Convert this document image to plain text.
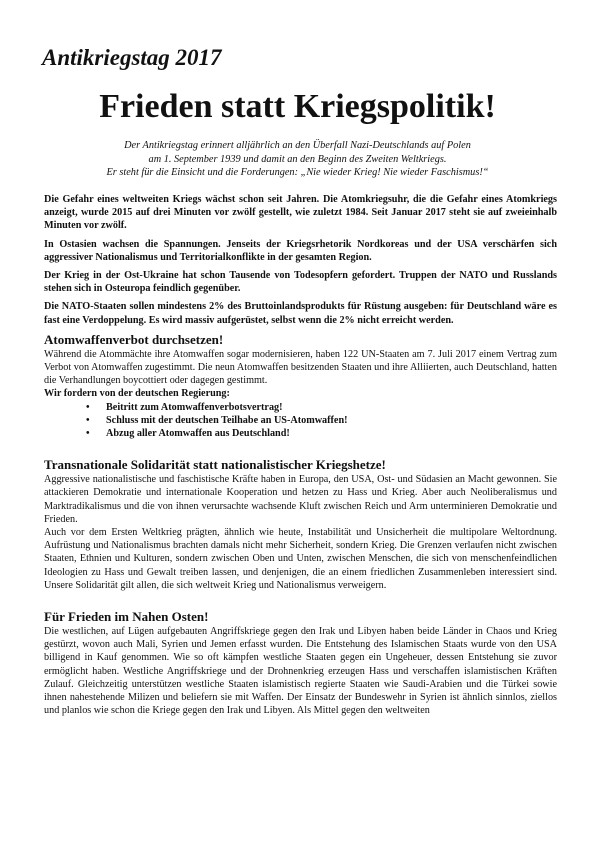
Antikriegstag 2017
Frieden statt Kriegspolitik!
Der Antikriegstag erinnert alljährlich an den Überfall Nazi-Deutschlands auf Polen
am 1. September 1939 und damit an den Beginn des Zweiten Weltkriegs.
Er steht für die Einsicht und die Forderungen: „Nie wieder Krieg! Nie wieder Faschismus!“

Die Gefahr eines weltweiten Kriegs wächst schon seit Jahren. Die Atomkriegsuhr, die die Gefahr eines Atomkriegs anzeigt, wurde 2015 auf drei Minuten vor zwölf gestellt, wie zuletzt 1984. Seit Januar 2017 steht sie auf zweieinhalb Minuten vor zwölf.

In Ostasien wachsen die Spannungen. Jenseits der Kriegsrhetorik Nordkoreas und der USA verschärfen sich aggressiver Nationalismus und Territorialkonflikte in der gesamten Region.

Der Krieg in der Ost-Ukraine hat schon Tausende von Todesopfern gefordert. Truppen der NATO und Russlands stehen sich in Osteuropa feindlich gegenüber.

Die NATO-Staaten sollen mindestens 2% des Bruttoinlandsprodukts für Rüstung ausgeben: für Deutschland wäre es fast eine Verdoppelung. Es wird massiv aufgerüstet, selbst wenn die 2% nicht erreicht werden.

Atomwaffenverbot durchsetzen!

Während die Atommächte ihre Atomwaffen sogar modernisieren, haben 122 UN-Staaten am 7. Juli 2017 einem Vertrag zum Verbot von Atomwaffen zugestimmt. Die neun Atomwaffen besitzenden Staaten und ihre Alliierten, auch Deutschland, hatten die Verhandlungen boycottiert oder dagegen gestimmt.

Wir fordern von der deutschen Regierung:

• Beitritt zum Atomwaffenverbotsvertrag!
• Schluss mit der deutschen Teilhabe an US-Atomwaffen!
• Abzug aller Atomwaffen aus Deutschland!
Transnationale Solidarität statt nationalistischer Kriegshetze!

Aggressive nationalistische und faschistische Kräfte haben in Europa, den USA, Ost- und Südasien an Macht gewonnen. Sie attackieren Demokratie und internationale Kooperation und hetzen zu Hass und Krieg. Aber auch Neoliberalismus und Marktradikalismus und die von ihnen verursachte wachsende Kluft zwischen Reich und Arm unterminieren Demokratie und Frieden.

Auch vor dem Ersten Weltkrieg prägten, ähnlich wie heute, Instabilität und Unsicherheit die multipolare Weltordnung. Aufrüstung und Nationalismus brachten damals nicht mehr Sicherheit, sondern Krieg. Die Grenzen verlaufen nicht zwischen Staaten, Ethnien und Kulturen, sondern zwischen Oben und Unten, zwischen Menschen, die sich von menschenfeindlichen Ideologien zu Hass und Gewalt treiben lassen, und denjenigen, die an einem friedlichen Zusammenleben interessiert sind. Unsere Solidarität gilt allen, die sich weltweit Krieg und Nationalismus verweigern.

Für Frieden im Nahen Osten!

Die westlichen, auf Lügen aufgebauten Angriffskriege gegen den Irak und Libyen haben beide Länder in Chaos und Krieg gestürzt, wovon auch Mali, Syrien und Jemen erfasst wurden. Die Entstehung des Islamischen Staats wurde von den USA billigend in Kauf genommen. Wie so oft kämpfen westliche Staaten gegen ein Ungeheuer, dessen Entstehung sie zuvor ermöglicht haben. Westliche Angriffskriege und der Drohnenkrieg erzeugen Hass und verschaffen islamistischen Kräften Zulauf. Gleichzeitig unterstützen westliche Staaten islamistisch regierte Staaten wie Saudi-Arabien und die Türkei sowie ihnen nahestehende Milizen und beliefern sie mit Waffen. Der Einsatz der Bundeswehr in Syrien ist ähnlich sinnlos, ziellos und planlos wie schon die Kriege gegen den Irak und Libyen. Als Mittel gegen den weltweiten
